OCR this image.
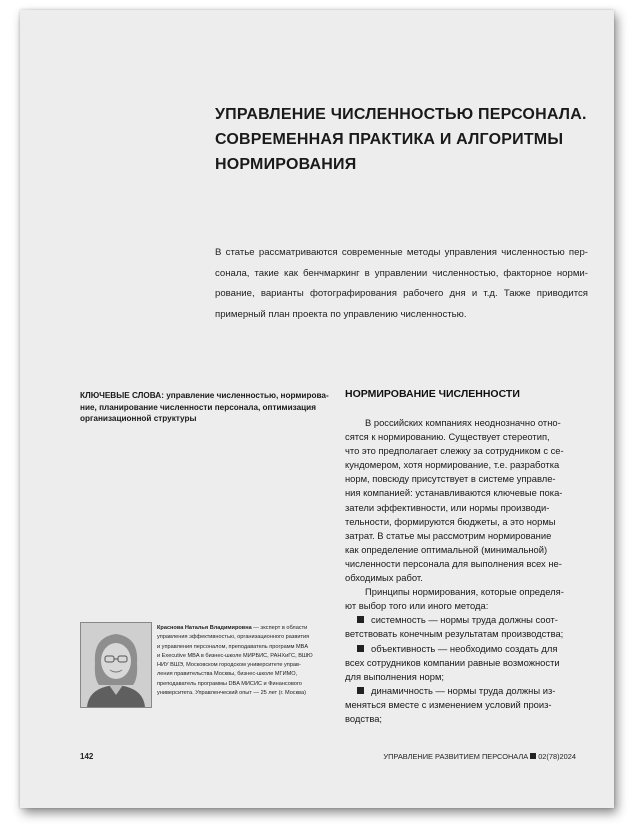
УПРАВЛЕНИЕ ЧИСЛЕННОСТЬЮ ПЕРСОНАЛА.
СОВРЕМЕННАЯ ПРАКТИКА И АЛГОРИТМЫ
НОРМИРОВАНИЯ
В статье рассматриваются современные методы управления численностью пер-
сонала, такие как бенчмаркинг в управлении численностью, факторное норми-
рование, варианты фотографирования рабочего дня и т.д. Также приводится
примерный план проекта по управлению численностью.
КЛЮЧЕВЫЕ СЛОВА: управление численностью, нормирова-
ние, планирование численности персонала, оптимизация
организационной структуры
НОРМИРОВАНИЕ ЧИСЛЕННОСТИ
В российских компаниях неоднозначно отно-
сятся к нормированию. Существует стереотип,
что это предполагает слежку за сотрудником с се-
кундомером, хотя нормирование, т.е. разработка
норм, повсюду присутствует в системе управле-
ния компанией: устанавливаются ключевые пока-
затели эффективности, или нормы производи-
тельности, формируются бюджеты, а это нормы
затрат. В статье мы рассмотрим нормирование
как определение оптимальной (минимальной)
численности персонала для выполнения всех не-
обходимых работ.
Принципы нормирования, которые определя-
ют выбор того или иного метода:
системность — нормы труда должны соот-
ветствовать конечным результатам производства;
объективность — необходимо создать для
всех сотрудников компании равные возможности
для выполнения норм;
динамичность — нормы труда должны из-
меняться вместе с изменением условий произ-
водства;
Краснова Наталья Владимировна — эксперт в области
управления эффективностью, организационного развития
и управления персоналом, преподаватель программ MBA
и Executive MBA в бизнес-школе МИРБИС, РАНХиГС, ВШЮ
НИУ ВШЭ, Московском городском университете управ-
ления правительства Москвы, бизнес-школе МГИМО,
преподаватель программы DBA МИСИС и Финансового
университета. Управленческий опыт — 25 лет (г. Москва)
142	УПРАВЛЕНИЕ РАЗВИТИЕМ ПЕРСОНАЛА 02(78)2024
